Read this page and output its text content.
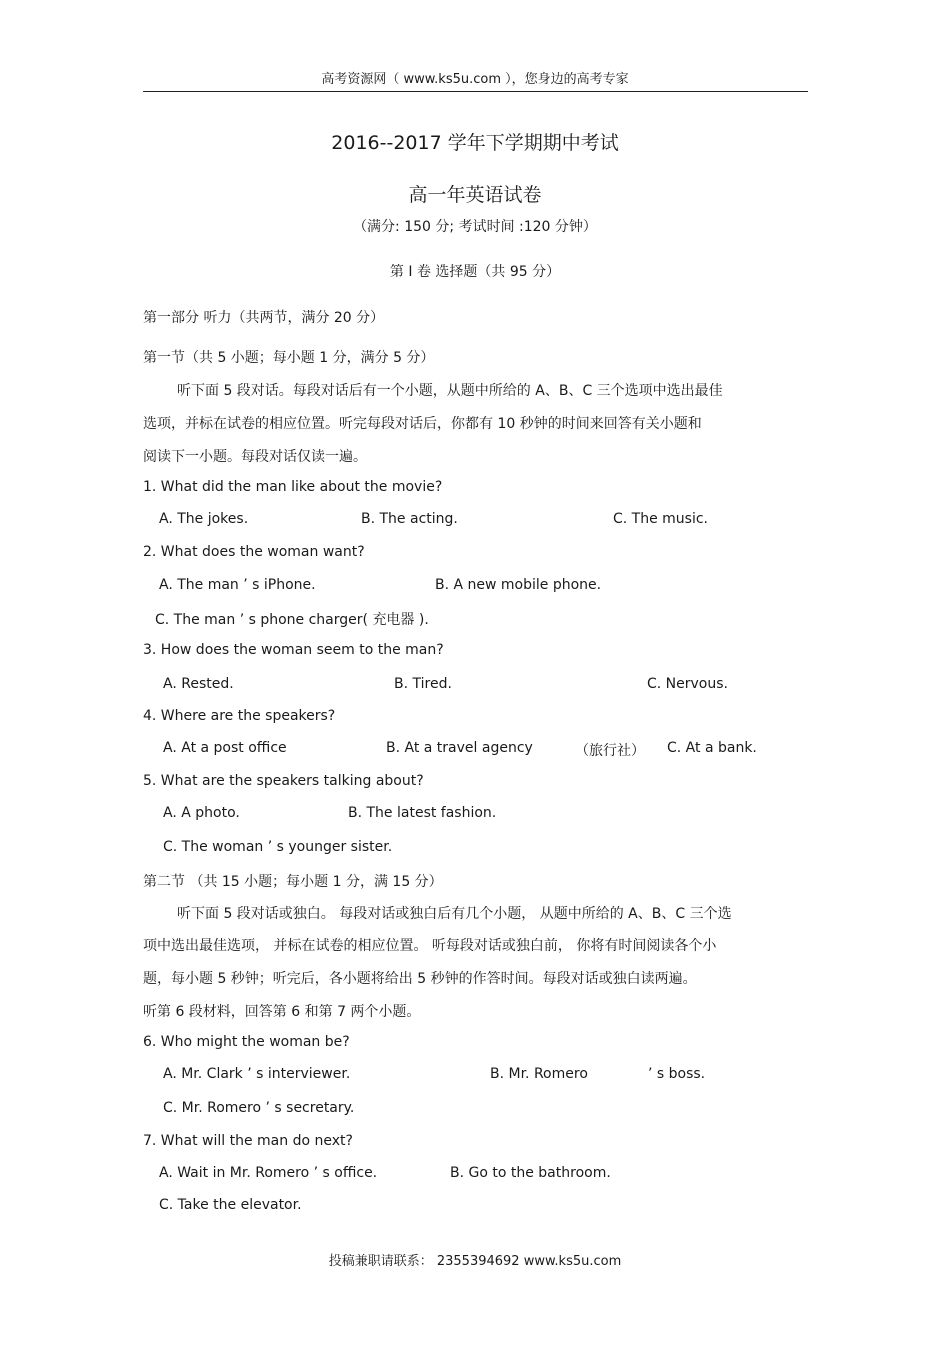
高考资源网（ www.ks5u.com ），您身边的高考专家
2016--2017 学年下学期期中考试
高一年英语试卷
（满分: 150 分; 考试时间 :120 分钟）
第 I 卷 选择题（共 95 分）
第一部分 听力（共两节，满分 20 分）
第一节（共 5 小题；每小题 1 分，满分 5 分）
听下面 5 段对话。每段对话后有一个小题，从题中所给的 A、B、C 三个选项中选出最佳
选项，并标在试卷的相应位置。听完每段对话后，你都有 10 秒钟的时间来回答有关小题和
阅读下一小题。每段对话仅读一遍。
1. What did the man like about the movie?
A. The jokes.	B. The acting.	C. The music.
2. What does the woman want?
A. The man ’ s iPhone.	B. A new mobile phone.
C. The man ’ s phone charger( 充电器 ).
3. How does the woman seem to the man?
A. Rested.	B. Tired.	C. Nervous.
4. Where are the speakers?
A. At a post office	B. At a travel agency	（旅行社） C. At a bank.
5. What are the speakers talking about?
A. A photo.	B. The latest fashion.
C. The woman ’ s younger sister.
第二节 （共 15 小题；每小题 1 分，满 15 分）
听下面 5 段对话或独白。 每段对话或独白后有几个小题， 从题中所给的 A、B、C 三个选
项中选出最佳选项， 并标在试卷的相应位置。 听每段对话或独白前， 你将有时间阅读各个小
题，每小题 5 秒钟；听完后，各小题将给出 5 秒钟的作答时间。每段对话或独白读两遍。
听第 6 段材料，回答第 6 和第 7 两个小题。
6. Who might the woman be?
A. Mr. Clark ’ s interviewer.	B. Mr. Romero	’ s boss.
C. Mr. Romero ’ s secretary.
7. What will the man do next?
A. Wait in Mr. Romero ’ s office.	B. Go to the bathroom.
C. Take the elevator.
投稿兼职请联系： 2355394692 www.ks5u.com
